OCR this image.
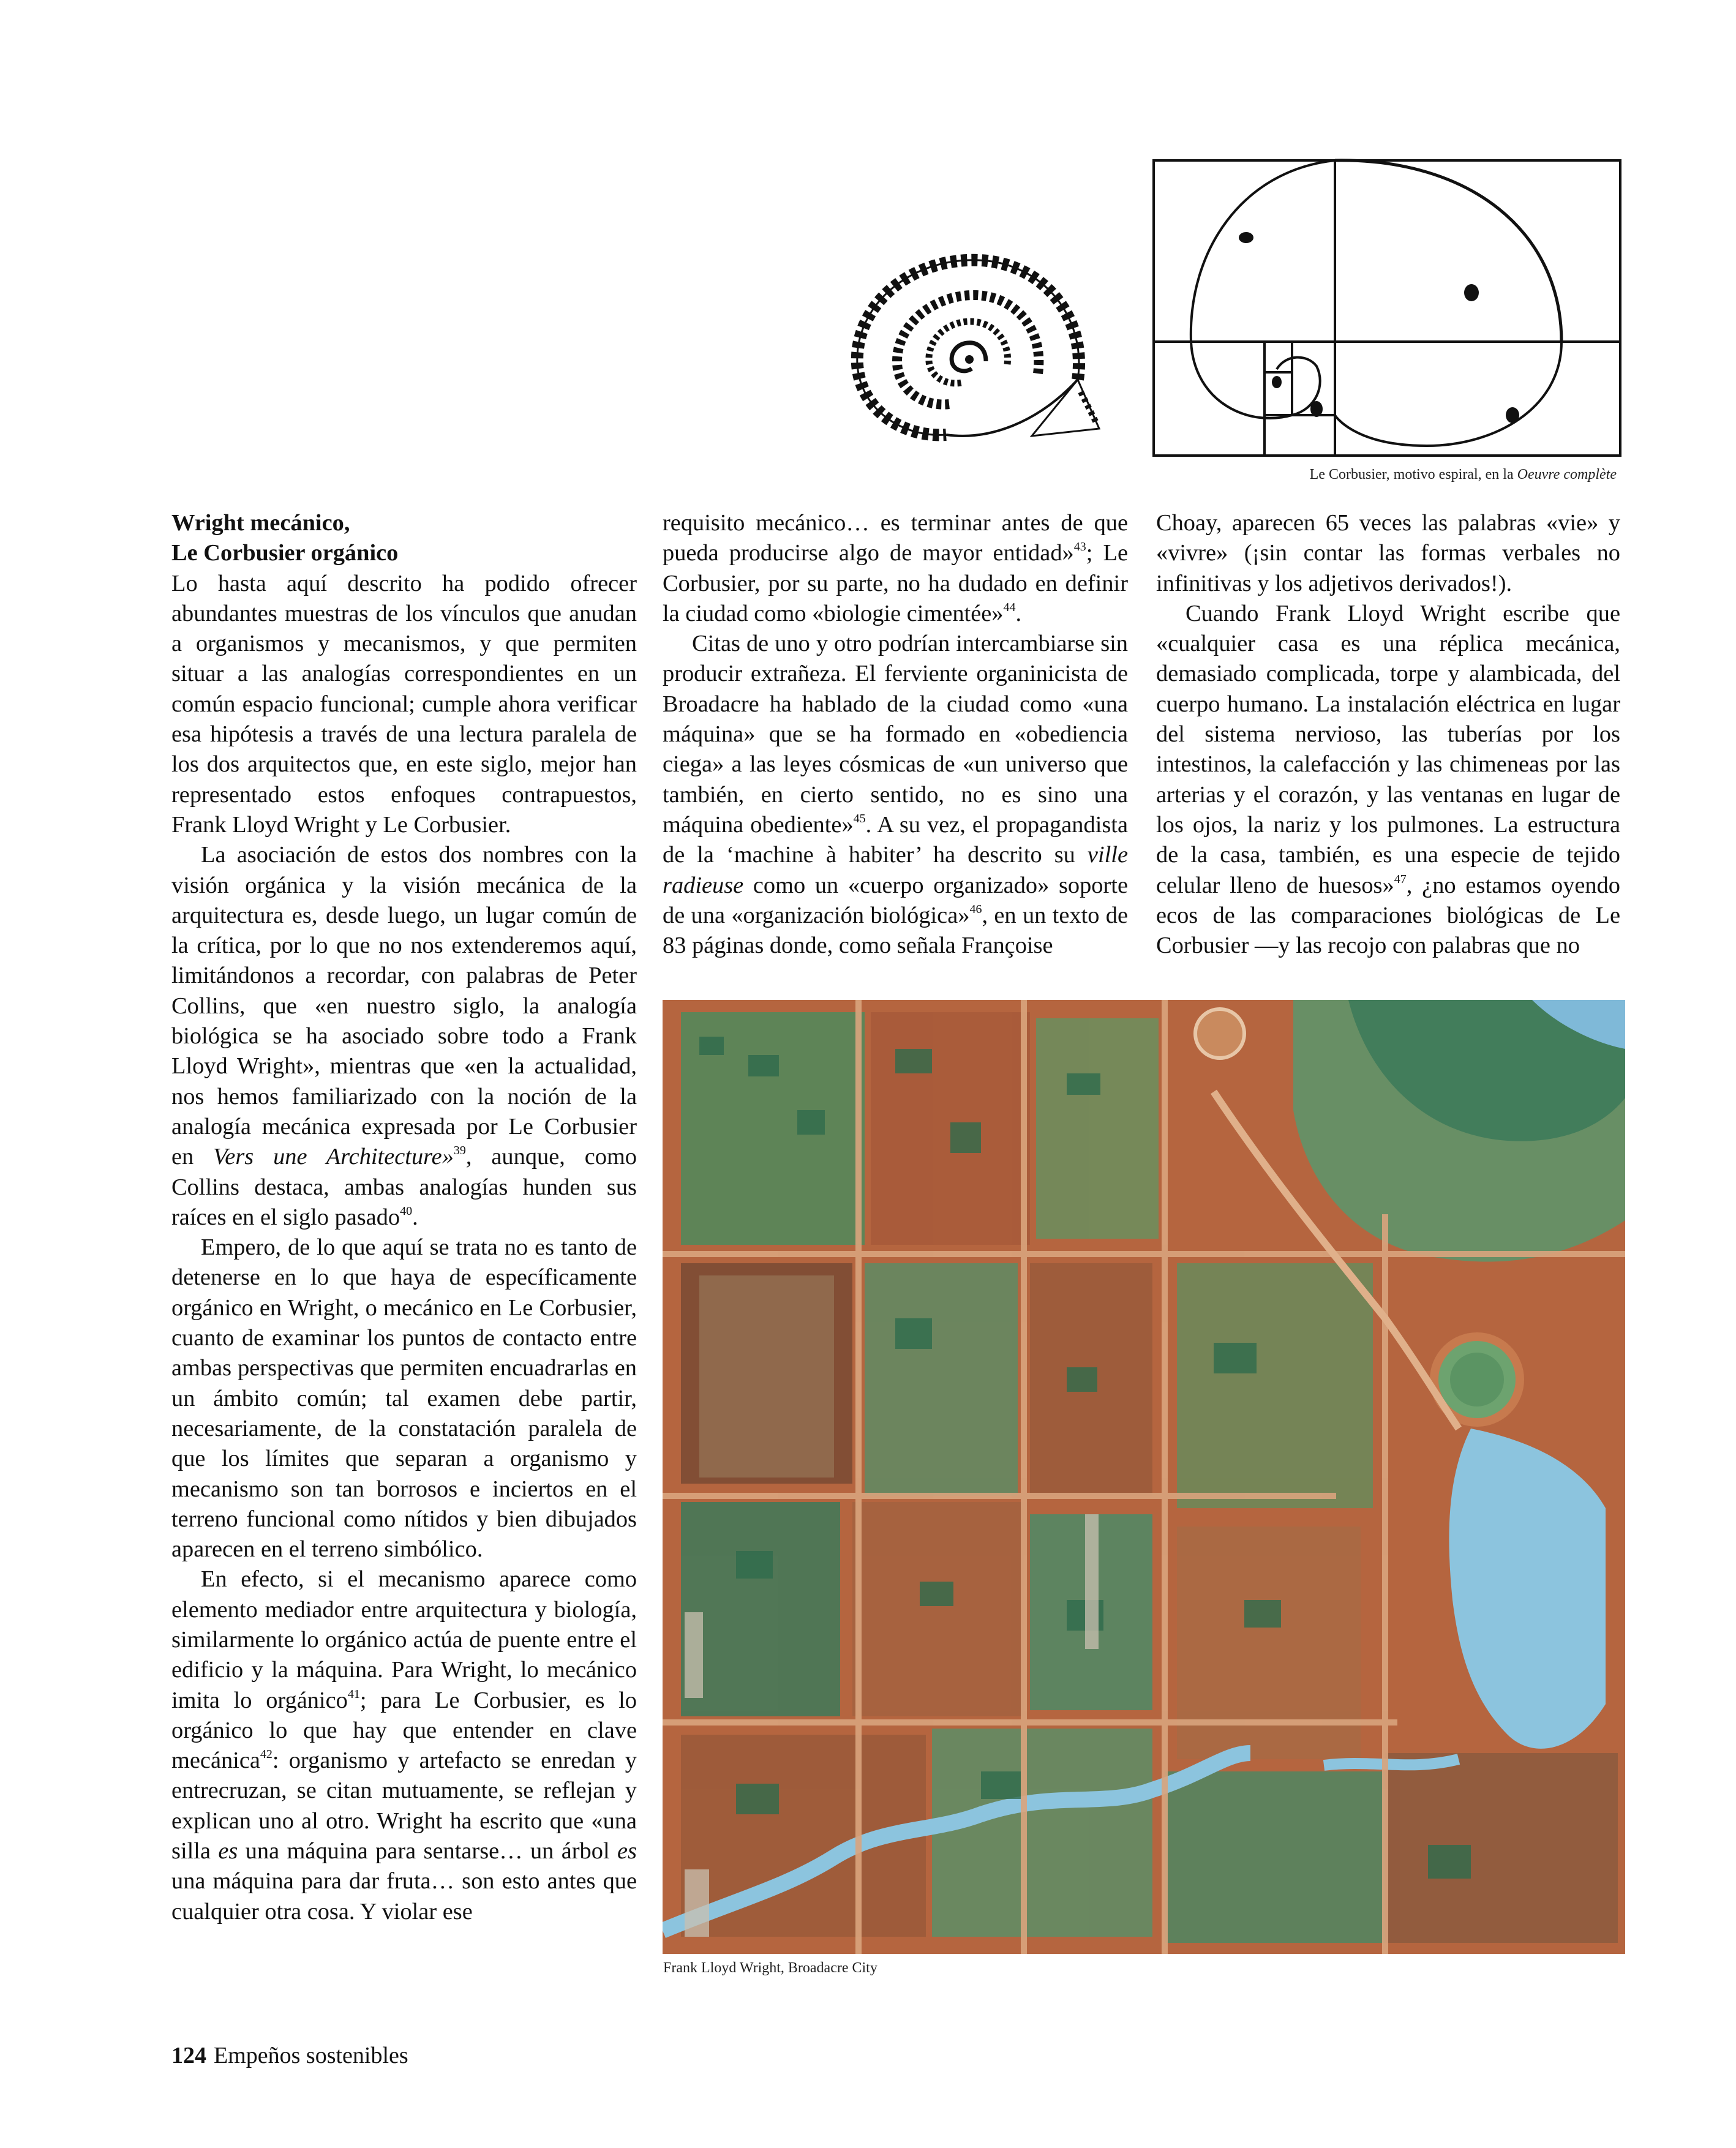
Le Corbusier, motivo espiral, en la Oeuvre complète

Wright mecánico,
Le Corbusier orgánico

Lo hasta aquí descrito ha podido ofrecer abundantes muestras de los vínculos que anudan a organismos y mecanismos, y que permiten situar a las analogías correspondientes en un común espacio funcional; cumple ahora verificar esa hipótesis a través de una lectura paralela de los dos arquitectos que, en este siglo, mejor han representado estos enfoques contrapuestos, Frank Lloyd Wright y Le Corbusier.

La asociación de estos dos nombres con la visión orgánica y la visión mecánica de la arquitectura es, desde luego, un lugar común de la crítica, por lo que no nos extenderemos aquí, limitándonos a recordar, con palabras de Peter Collins, que «en nuestro siglo, la analogía biológica se ha asociado sobre todo a Frank Lloyd Wright», mientras que «en la actualidad, nos hemos familiarizado con la noción de la analogía mecánica expresada por Le Corbusier en Vers une Architecture»$^{39}$, aunque, como Collins destaca, ambas analogías hunden sus raíces en el siglo pasado$^{40}$.

Empero, de lo que aquí se trata no es tanto de detenerse en lo que haya de específicamente orgánico en Wright, o mecánico en Le Corbusier, cuanto de examinar los puntos de contacto entre ambas perspectivas que permiten encuadrarlas en un ámbito común; tal examen debe partir, necesariamente, de la constatación paralela de que los límites que separan a organismo y mecanismo son tan borrosos e inciertos en el terreno funcional como nítidos y bien dibujados aparecen en el terreno simbólico.

En efecto, si el mecanismo aparece como elemento mediador entre arquitectura y biología, similarmente lo orgánico actúa de puente entre el edificio y la máquina. Para Wright, lo mecánico imita lo orgánico$^{41}$; para Le Corbusier, es lo orgánico lo que hay que entender en clave mecánica$^{42}$: organismo y artefacto se enredan y entrecruzan, se citan mutuamente, se reflejan y explican uno al otro. Wright ha escrito que «una silla es una máquina para sentarse… un árbol es una máquina para dar fruta… son esto antes que cualquier otra cosa. Y violar ese

requisito mecánico… es terminar antes de que pueda producirse algo de mayor entidad»$^{43}$; Le Corbusier, por su parte, no ha dudado en definir la ciudad como «biologie cimentée»$^{44}$.

Citas de uno y otro podrían intercambiarse sin producir extrañeza. El ferviente organinicista de Broadacre ha hablado de la ciudad como «una máquina» que se ha formado en «obediencia ciega» a las leyes cósmicas de «un universo que también, en cierto sentido, no es sino una máquina obediente»$^{45}$. A su vez, el propagandista de la ‘machine à habiter’ ha descrito su ville radieuse como un «cuerpo organizado» soporte de una «organización biológica»$^{46}$, en un texto de 83 páginas donde, como señala Françoise

Choay, aparecen 65 veces las palabras «vie» y «vivre» (¡sin contar las formas verbales no infinitivas y los adjetivos derivados!).

Cuando Frank Lloyd Wright escribe que «cualquier casa es una réplica mecánica, demasiado complicada, torpe y alambicada, del cuerpo humano. La instalación eléctrica en lugar del sistema nervioso, las tuberías por los intestinos, la calefacción y las chimeneas por las arterias y el corazón, y las ventanas en lugar de los ojos, la nariz y los pulmones. La estructura de la casa, también, es una especie de tejido celular lleno de huesos»$^{47}$, ¿no estamos oyendo ecos de las comparaciones biológicas de Le Corbusier —y las recojo con palabras que no

Frank Lloyd Wright, Broadacre City
124 Empeños sostenibles
